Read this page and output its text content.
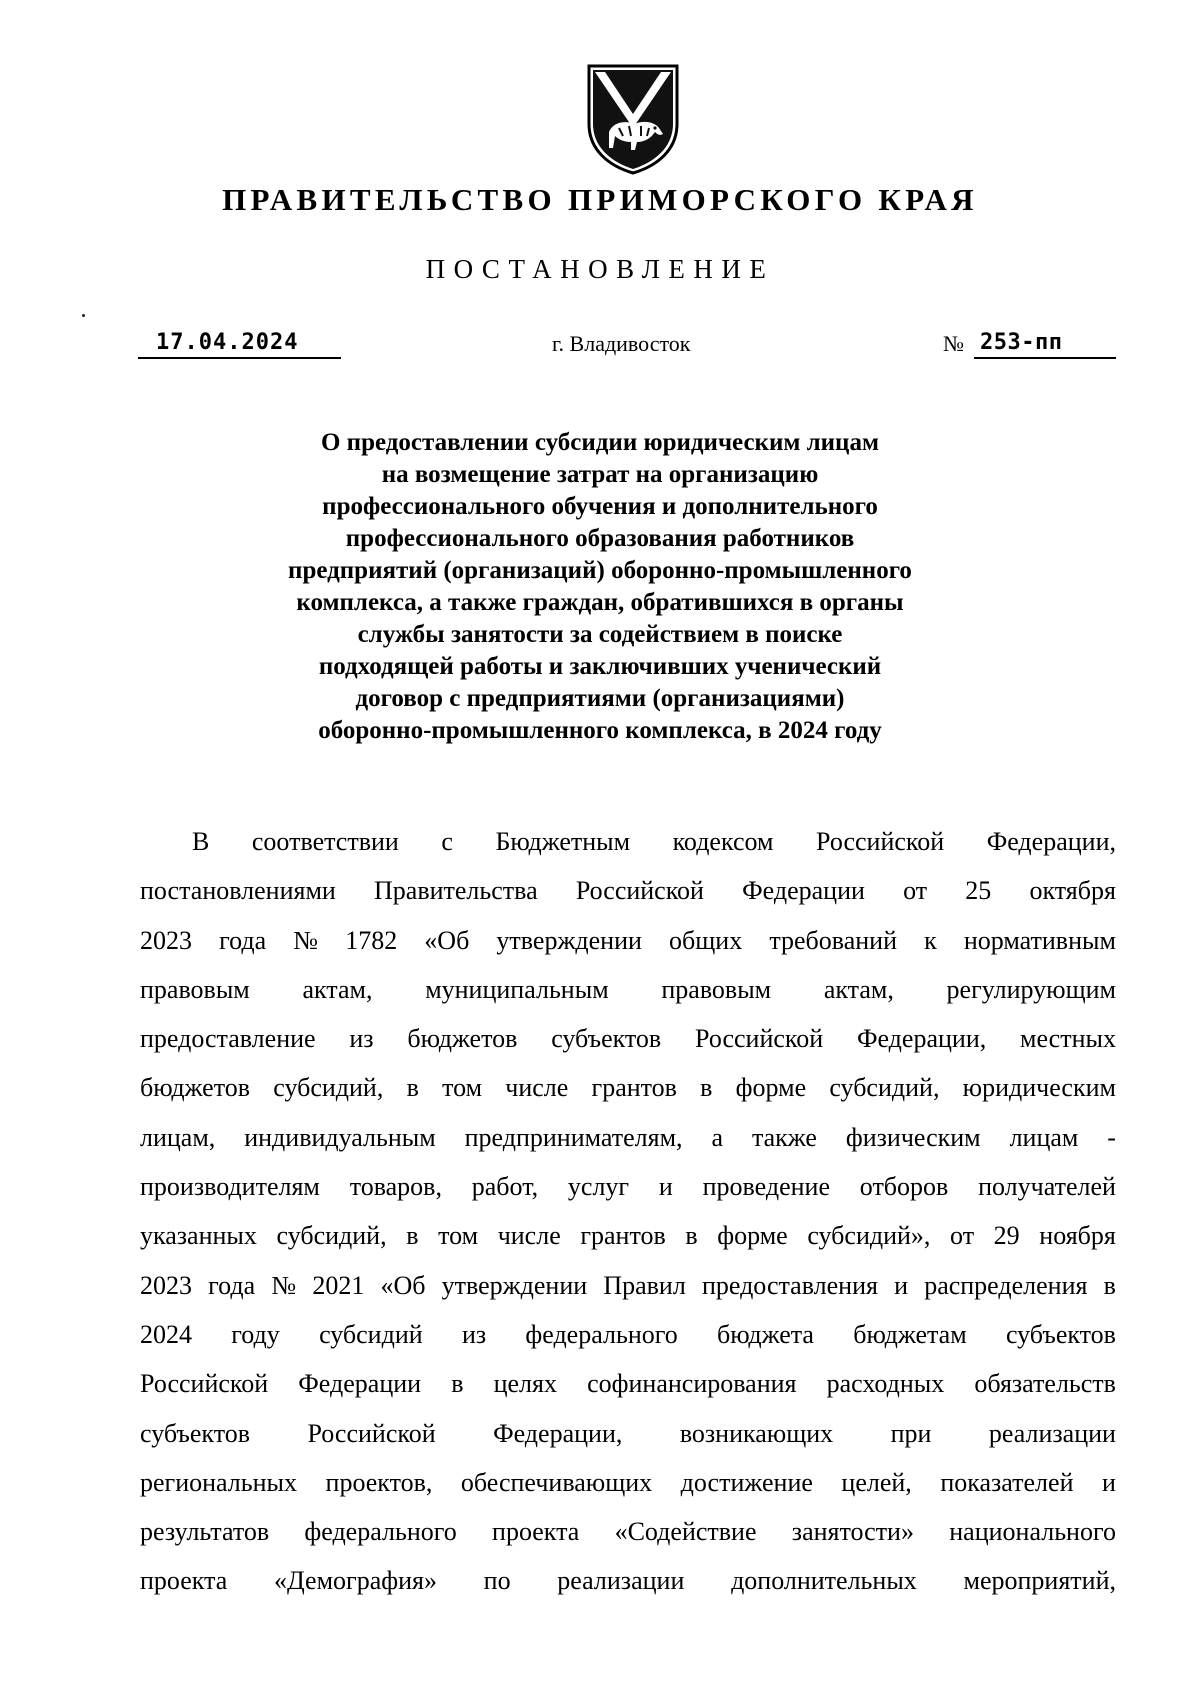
ПРАВИТЕЛЬСТВО ПРИМОРСКОГО КРАЯ
ПОСТАНОВЛЕНИЕ
17.04.2024	г. Владивосток	№ 253-пп
О предоставлении субсидии юридическим лицам
на возмещение затрат на организацию
профессионального обучения и дополнительного
профессионального образования работников
предприятий (организаций) оборонно-промышленного
комплекса, а также граждан, обратившихся в органы
службы занятости за содействием в поиске
подходящей работы и заключивших ученический
договор с предприятиями (организациями)
оборонно-промышленного комплекса, в 2024 году
В соответствии с Бюджетным кодексом Российской Федерации,
постановлениями Правительства Российской Федерации от 25 октября
2023 года № 1782 «Об утверждении общих требований к нормативным
правовым актам, муниципальным правовым актам, регулирующим
предоставление из бюджетов субъектов Российской Федерации, местных
бюджетов субсидий, в том числе грантов в форме субсидий, юридическим
лицам, индивидуальным предпринимателям, а также физическим лицам -
производителям товаров, работ, услуг и проведение отборов получателей
указанных субсидий, в том числе грантов в форме субсидий», от 29 ноября
2023 года № 2021 «Об утверждении Правил предоставления и распределения в
2024 году субсидий из федерального бюджета бюджетам субъектов
Российской Федерации в целях софинансирования расходных обязательств
субъектов Российской Федерации, возникающих при реализации
региональных проектов, обеспечивающих достижение целей, показателей и
результатов федерального проекта «Содействие занятости» национального
проекта «Демография» по реализации дополнительных мероприятий,
